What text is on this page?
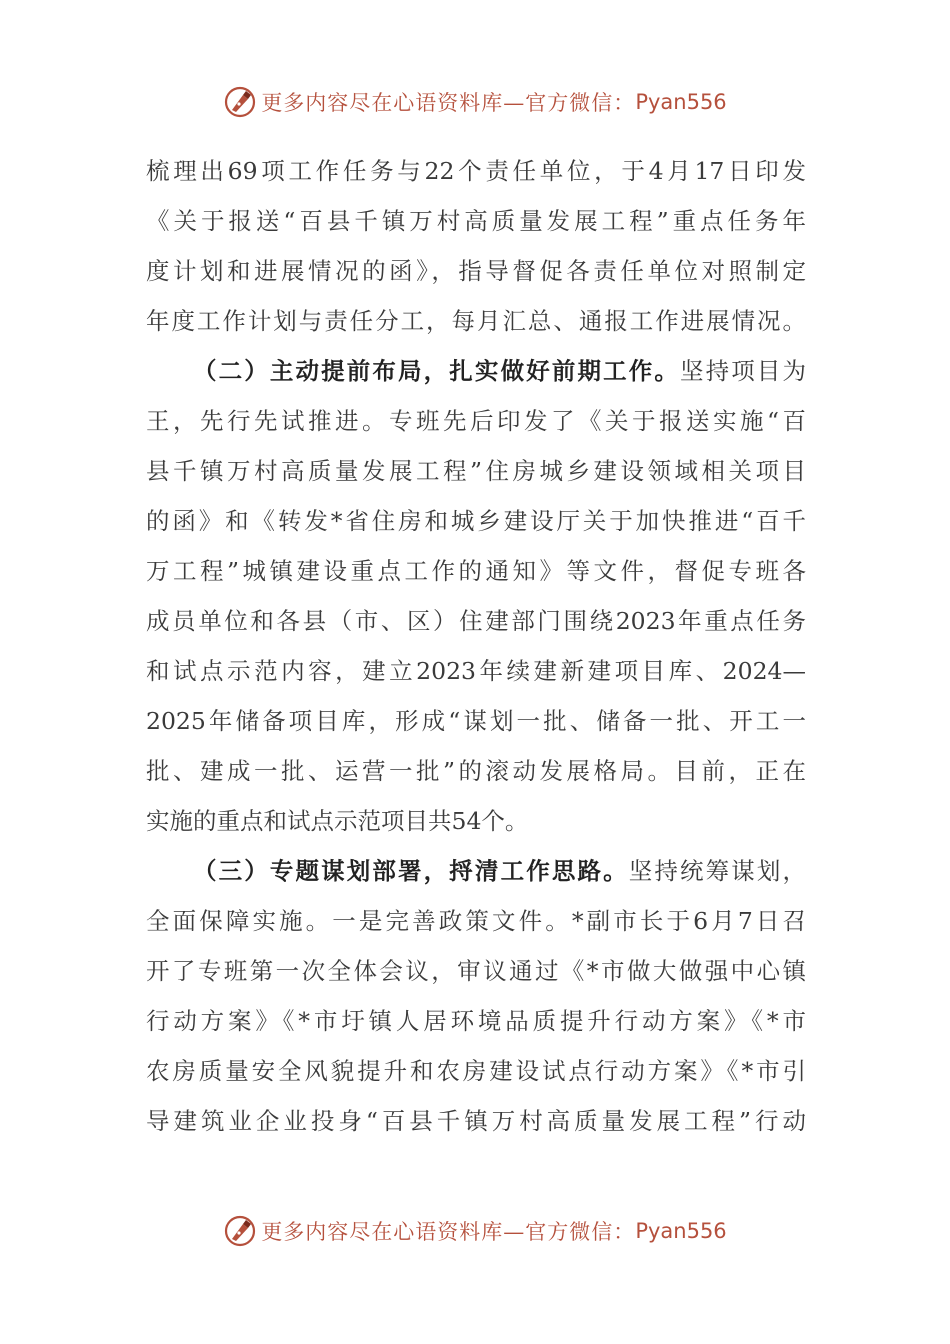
更多内容尽在心语资料库—官方微信： Pyan556
梳理出69项工作任务与22个责任单位，于4月17日印发
《关于报送“百县千镇万村高质量发展工程”重点任务年
度计划和进展情况的函》，指导督促各责任单位对照制定
年度工作计划与责任分工，每月汇总、通报工作进展情况。
（二）主动提前布局，扎实做好前期工作。坚持项目为
王，先行先试推进。专班先后印发了《关于报送实施“百
县千镇万村高质量发展工程”住房城乡建设领域相关项目
的函》和《转发*省住房和城乡建设厅关于加快推进“百千
万工程”城镇建设重点工作的通知》等文件，督促专班各
成员单位和各县（市、区）住建部门围绕2023年重点任务
和试点示范内容，建立2023年续建新建项目库、2024—
2025年储备项目库，形成“谋划一批、储备一批、开工一
批、建成一批、运营一批”的滚动发展格局。目前，正在
实施的重点和试点示范项目共54个。
（三）专题谋划部署，捋清工作思路。坚持统筹谋划，
全面保障实施。一是完善政策文件。*副市长于6月7日召
开了专班第一次全体会议，审议通过《*市做大做强中心镇
行动方案》《*市圩镇人居环境品质提升行动方案》《*市
农房质量安全风貌提升和农房建设试点行动方案》《*市引
导建筑业企业投身“百县千镇万村高质量发展工程”行动
更多内容尽在心语资料库—官方微信： Pyan556
